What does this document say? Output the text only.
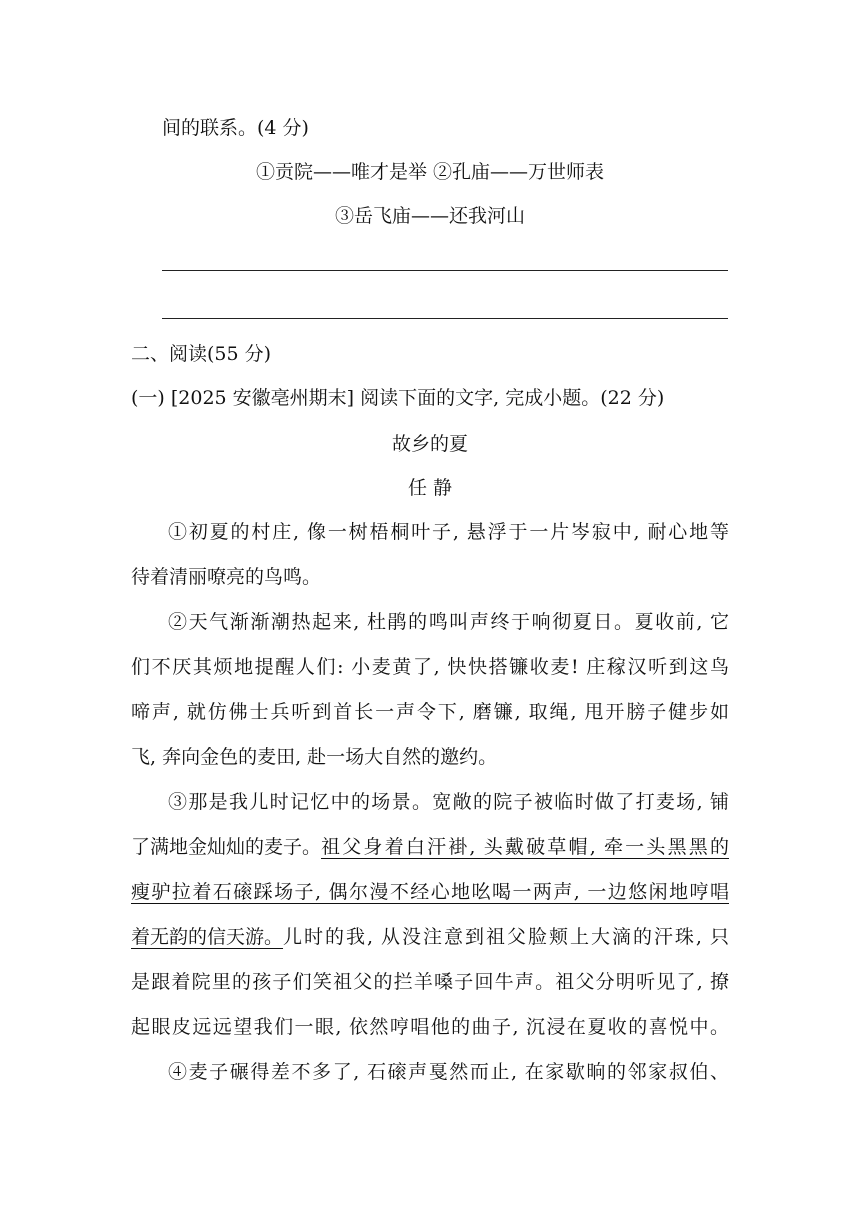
间的联系。(4 分)
①贡院——唯才是举 ②孔庙——万世师表
③岳飞庙——还我河山
二、阅读(55 分)
(一) [2025 安徽亳州期末] 阅读下面的文字, 完成小题。(22 分)
故乡的夏
任 静
①初夏的村庄, 像一树梧桐叶子, 悬浮于一片岑寂中, 耐心地等
待着清丽嘹亮的鸟鸣。
②天气渐渐潮热起来, 杜鹃的鸣叫声终于响彻夏日。夏收前, 它
们不厌其烦地提醒人们: 小麦黄了, 快快搭镰收麦! 庄稼汉听到这鸟
啼声, 就仿佛士兵听到首长一声令下, 磨镰, 取绳, 甩开膀子健步如
飞, 奔向金色的麦田, 赴一场大自然的邀约。
③那是我儿时记忆中的场景。宽敞的院子被临时做了打麦场, 铺
了满地金灿灿的麦子。 祖父身着白汗褂, 头戴破草帽, 牵一头黑黑的
瘦驴拉着石磙踩场子, 偶尔漫不经心地吆喝一两声, 一边悠闲地哼唱
着无韵的信天游。 儿时的我, 从没注意到祖父脸颊上大滴的汗珠, 只
是跟着院里的孩子们笑祖父的拦羊嗓子回牛声。祖父分明听见了, 撩
起眼皮远远望我们一眼, 依然哼唱他的曲子, 沉浸在夏收的喜悦中。
④麦子碾得差不多了, 石磙声戛然而止, 在家歇晌的邻家叔伯、
